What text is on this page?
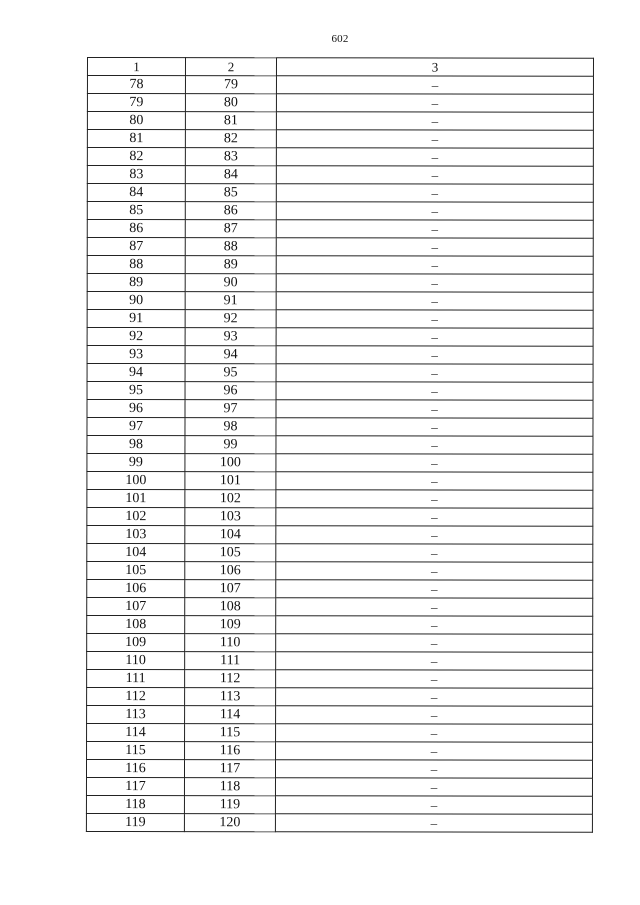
602
1	2	3
78	79	–
79	80	–
80	81	–
81	82	–
82	83	–
83	84	–
84	85	–
85	86	–
86	87	–
87	88	–
88	89	–
89	90	–
90	91	–
91	92	–
92	93	–
93	94	–
94	95	–
95	96	–
96	97	–
97	98	–
98	99	–
99	100	–
100	101	–
101	102	–
102	103	–
103	104	–
104	105	–
105	106	–
106	107	–
107	108	–
108	109	–
109	110	–
110	111	–
111	112	–
112	113	–
113	114	–
114	115	–
115	116	–
116	117	–
117	118	–
118	119	–
119	120	–
